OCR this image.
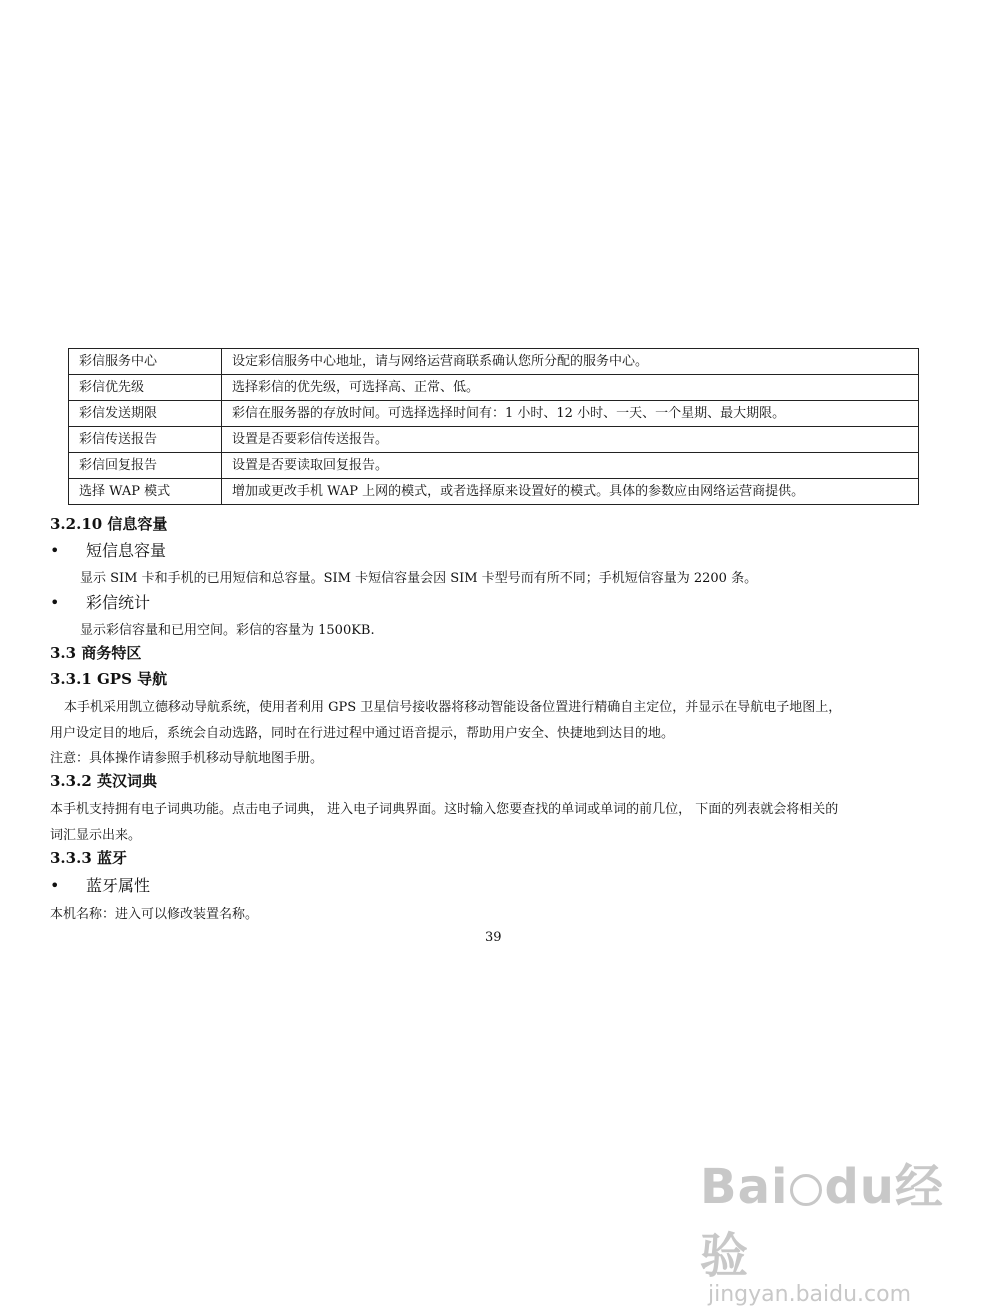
彩信服务中心	设定彩信服务中心地址，请与网络运营商联系确认您所分配的服务中心。
彩信优先级	选择彩信的优先级，可选择高、正常、低。
彩信发送期限	彩信在服务器的存放时间。可选择选择时间有：1 小时、12 小时、一天、一个星期、最大期限。
彩信传送报告	设置是否要彩信传送报告。
彩信回复报告	设置是否要读取回复报告。
选择 WAP 模式	增加或更改手机 WAP 上网的模式，或者选择原来设置好的模式。具体的参数应由网络运营商提供。
3.2.10 信息容量
• 短信息容量
显示 SIM 卡和手机的已用短信和总容量。SIM 卡短信容量会因 SIM 卡型号而有所不同；手机短信容量为 2200 条。
• 彩信统计
显示彩信容量和已用空间。彩信的容量为 1500KB.
3.3 商务特区
3.3.1 GPS 导航
本手机采用凯立德移动导航系统，使用者利用 GPS 卫星信号接收器将移动智能设备位置进行精确自主定位，并显示在导航电子地图上，
用户设定目的地后，系统会自动选路，同时在行进过程中通过语音提示，帮助用户安全、快捷地到达目的地。
注意：具体操作请参照手机移动导航地图手册。
3.3.2 英汉词典
本手机支持拥有电子词典功能。点击电子词典， 进入电子词典界面。这时输入您要查找的单词或单词的前几位， 下面的列表就会将相关的
词汇显示出来。
3.3.3 蓝牙
• 蓝牙属性
本机名称：进入可以修改装置名称。
39
Bai du经验
jingyan.baidu.com
